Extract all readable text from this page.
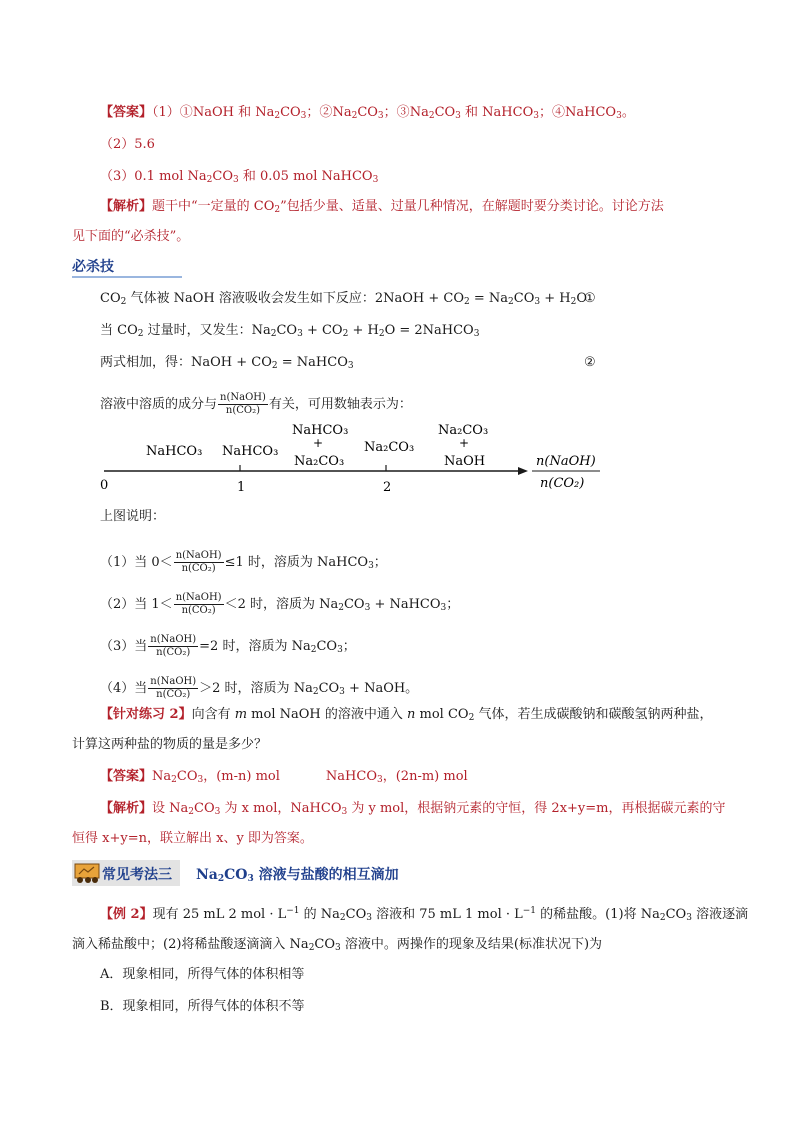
【答案】（1）①NaOH 和 $Na_2CO_3$；$②Na_2CO_3$；$③Na_2CO_3$ 和 NaHCO$_3$；④NaHCO$_3$。
（2）5.6
（3）0.1 mol $Na_2CO_3$ 和 0.05 mol NaHCO$_3$
【解析】题干中“一定量的 $CO_2$”包括少量、适量、过量几种情况，在解题时要分类讨论。讨论方法
见下面的“必杀技”。
必杀技
$CO_2$ 气体被 NaOH 溶液吸收会发生如下反应：2NaOH + $CO_2 = Na_2CO_3 + H_2O$
①
当 $CO_2$ 过量时，又发生：$Na_2CO_3 + CO_2 + H_2O$ = 2NaHCO$_3$
两式相加，得：NaOH + $CO_2$ = NaHCO$_3$	②
溶液中溶质的成分与 $\frac{\text{n(NaOH)}}{\text{n(CO₂)}}$ 有关，可用数轴表示为：
0	1	2
NaHCO₃ NaHCO₃
NaHCO₃
+
Na₂CO₃
Na₂CO₃
Na₂CO₃
+
NaOH	n(NaOH)
n(CO₂)
上图说明：
（1）当 $0< \frac{\text{n(NaOH)}}{\text{n(CO₂)}} \le 1$ 时，溶质为 NaHCO$_3$；
（2）当 $1< \frac{\text{n(NaOH)}}{\text{n(CO₂)}} <2$ 时，溶质为 $Na_2CO_3$ + NaHCO$_3$；
（3）当 $\frac{\text{n(NaOH)}}{\text{n(CO₂)}} =2$ 时，溶质为 $Na_2CO_3$；
（4）当 $\frac{\text{n(NaOH)}}{\text{n(CO₂)}} >2$ 时，溶质为 $Na_2CO_3$ + NaOH。
【针对练习 2】向含有 m mol NaOH 的溶液中通入 n mol $CO_2$ 气体，若生成碳酸钠和碳酸氢钠两种盐，
计算这两种盐的物质的量是多少？
【答案】$Na_2CO_3$，(m-n) mol	NaHCO$_3$，(2n-m) mol
【解析】设 $Na_2CO_3$ 为 x mol，NaHCO$_3$ 为 y mol，根据钠元素的守恒，得 2x+y=m，再根据碳元素的守
恒得 x+y=n，联立解出 x、y 即为答案。
常见考法三 $Na_2CO_3$ 溶液与盐酸的相互滴加
【例 2】现有 25 mL 2 mol · $L^{-1}$ 的 $Na_2CO_3$ 溶液和 75 mL 1 mol · $L^{-1}$ 的稀盐酸。(1)将 $Na_2CO_3$ 溶液逐滴
滴入稀盐酸中；(2)将稀盐酸逐滴滴入 $Na_2CO_3$ 溶液中。两操作的现象及结果(标准状况下)为
A．现象相同，所得气体的体积相等
B．现象相同，所得气体的体积不等
